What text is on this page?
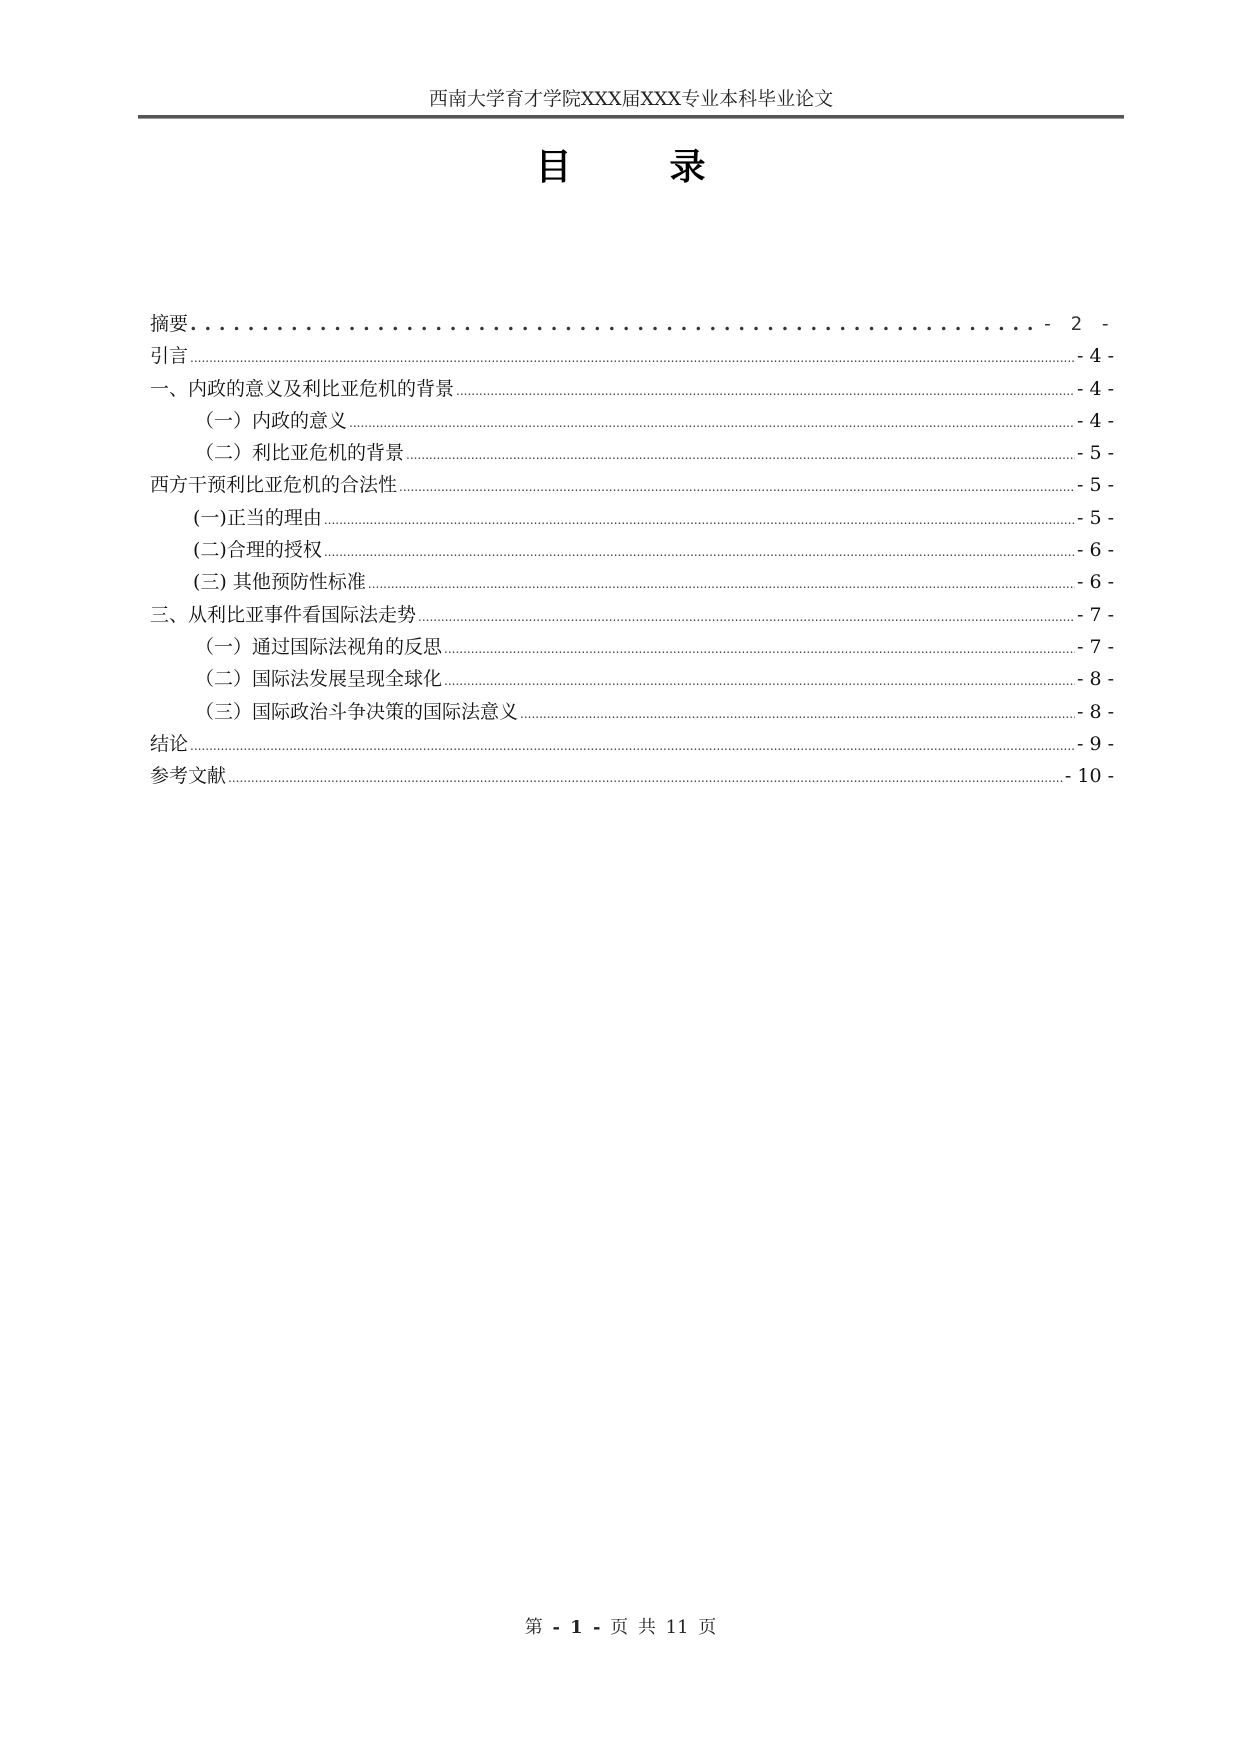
西南大学育才学院XXX届XXX专业本科毕业论文
目	录
摘要 . . .	- 2 -
引言 .....	- 4 -
一、内政的意义及利比亚危机的背景 .....	- 4 -
（一）内政的意义 .....	- 4 -
（二）利比亚危机的背景 .....	- 5 -
西方干预利比亚危机的合法性 .....	- 5 -
(一)正当的理由 .....	- 5 -
(二)合理的授权 .....	- 6 -
(三) 其他预防性标准 .....	- 6 -
三、从利比亚事件看国际法走势 .....	- 7 -
（一）通过国际法视角的反思 .....	- 7 -
（二）国际法发展呈现全球化 .....	- 8 -
（三）国际政治斗争决策的国际法意义 .....	- 8 -
结论 .....	- 9 -
参考文献 .....	- 10 -
第 - 1 - 页 共 11 页
